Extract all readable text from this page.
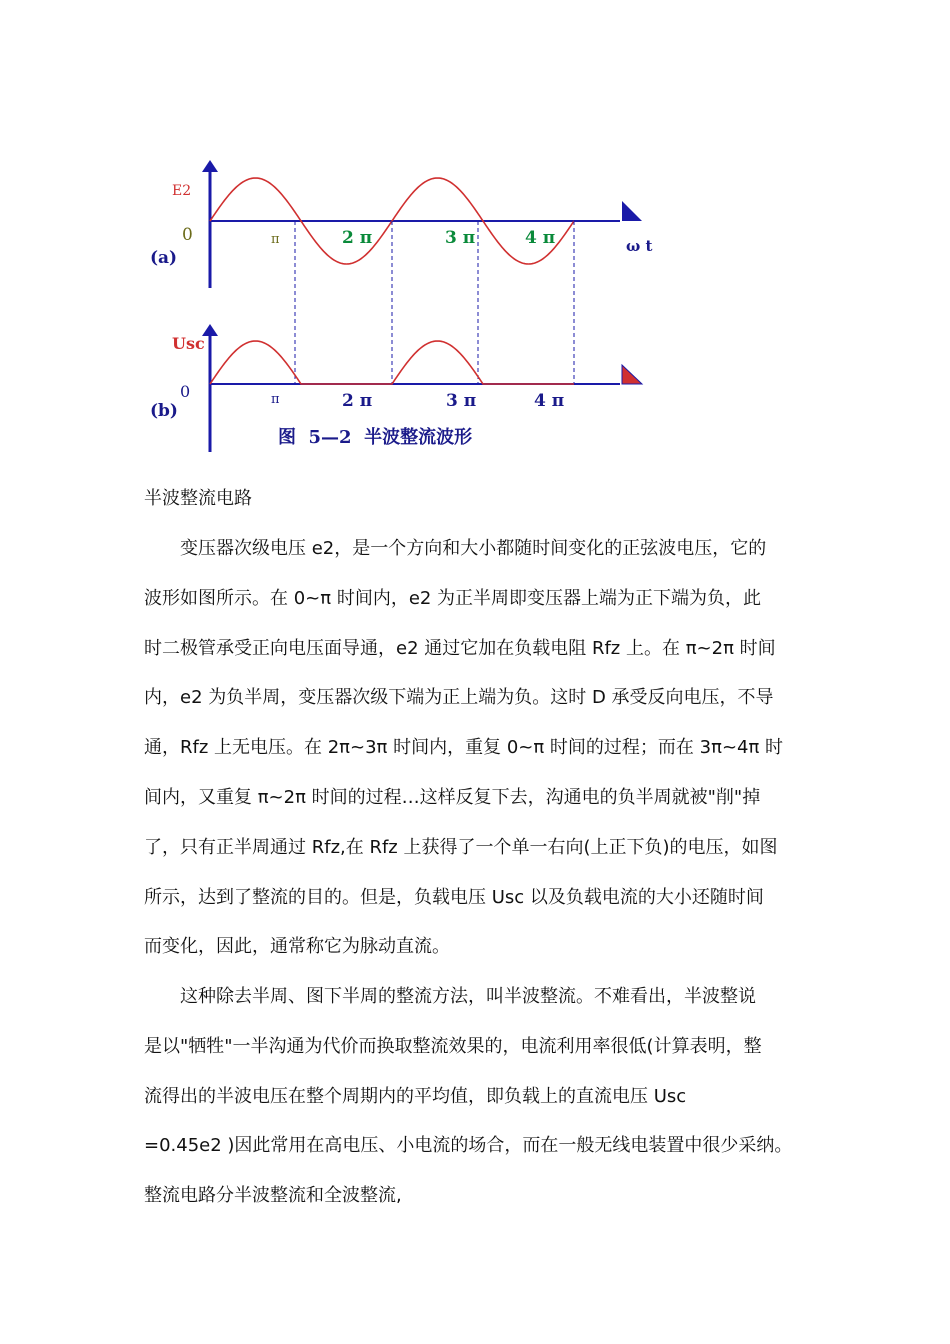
E2
0
(a)
ω t
π	2 π	3 π	4 π
Usc
0
(b)
π	2 π	3 π	4 π
图  5—2  半波整流波形
半波整流电路

　　变压器次级电压 e2，是一个方向和大小都随时间变化的正弦波电压，它的
波形如图所示。在 0~π 时间内，e2 为正半周即变压器上端为正下端为负，此
时二极管承受正向电压面导通，e2 通过它加在负载电阻 Rfz 上。在 π~2π 时间
内，e2 为负半周，变压器次级下端为正上端为负。这时 D 承受反向电压，不导
通，Rfz 上无电压。在 2π~3π 时间内，重复 0~π 时间的过程；而在 3π~4π 时
间内，又重复 π~2π 时间的过程…这样反复下去，沟通电的负半周就被"削"掉
了，只有正半周通过 Rfz,在 Rfz 上获得了一个单一右向(上正下负)的电压，如图
所示，达到了整流的目的。但是，负载电压 Usc 以及负载电流的大小还随时间
而变化，因此，通常称它为脉动直流。

　　这种除去半周、图下半周的整流方法，叫半波整流。不难看出，半波整说
是以"牺牲"一半沟通为代价而换取整流效果的，电流利用率很低(计算表明，整
流得出的半波电压在整个周期内的平均值，即负载上的直流电压 Usc
=0.45e2 )因此常用在高电压、小电流的场合，而在一般无线电装置中很少采纳。

整流电路分半波整流和全波整流,
